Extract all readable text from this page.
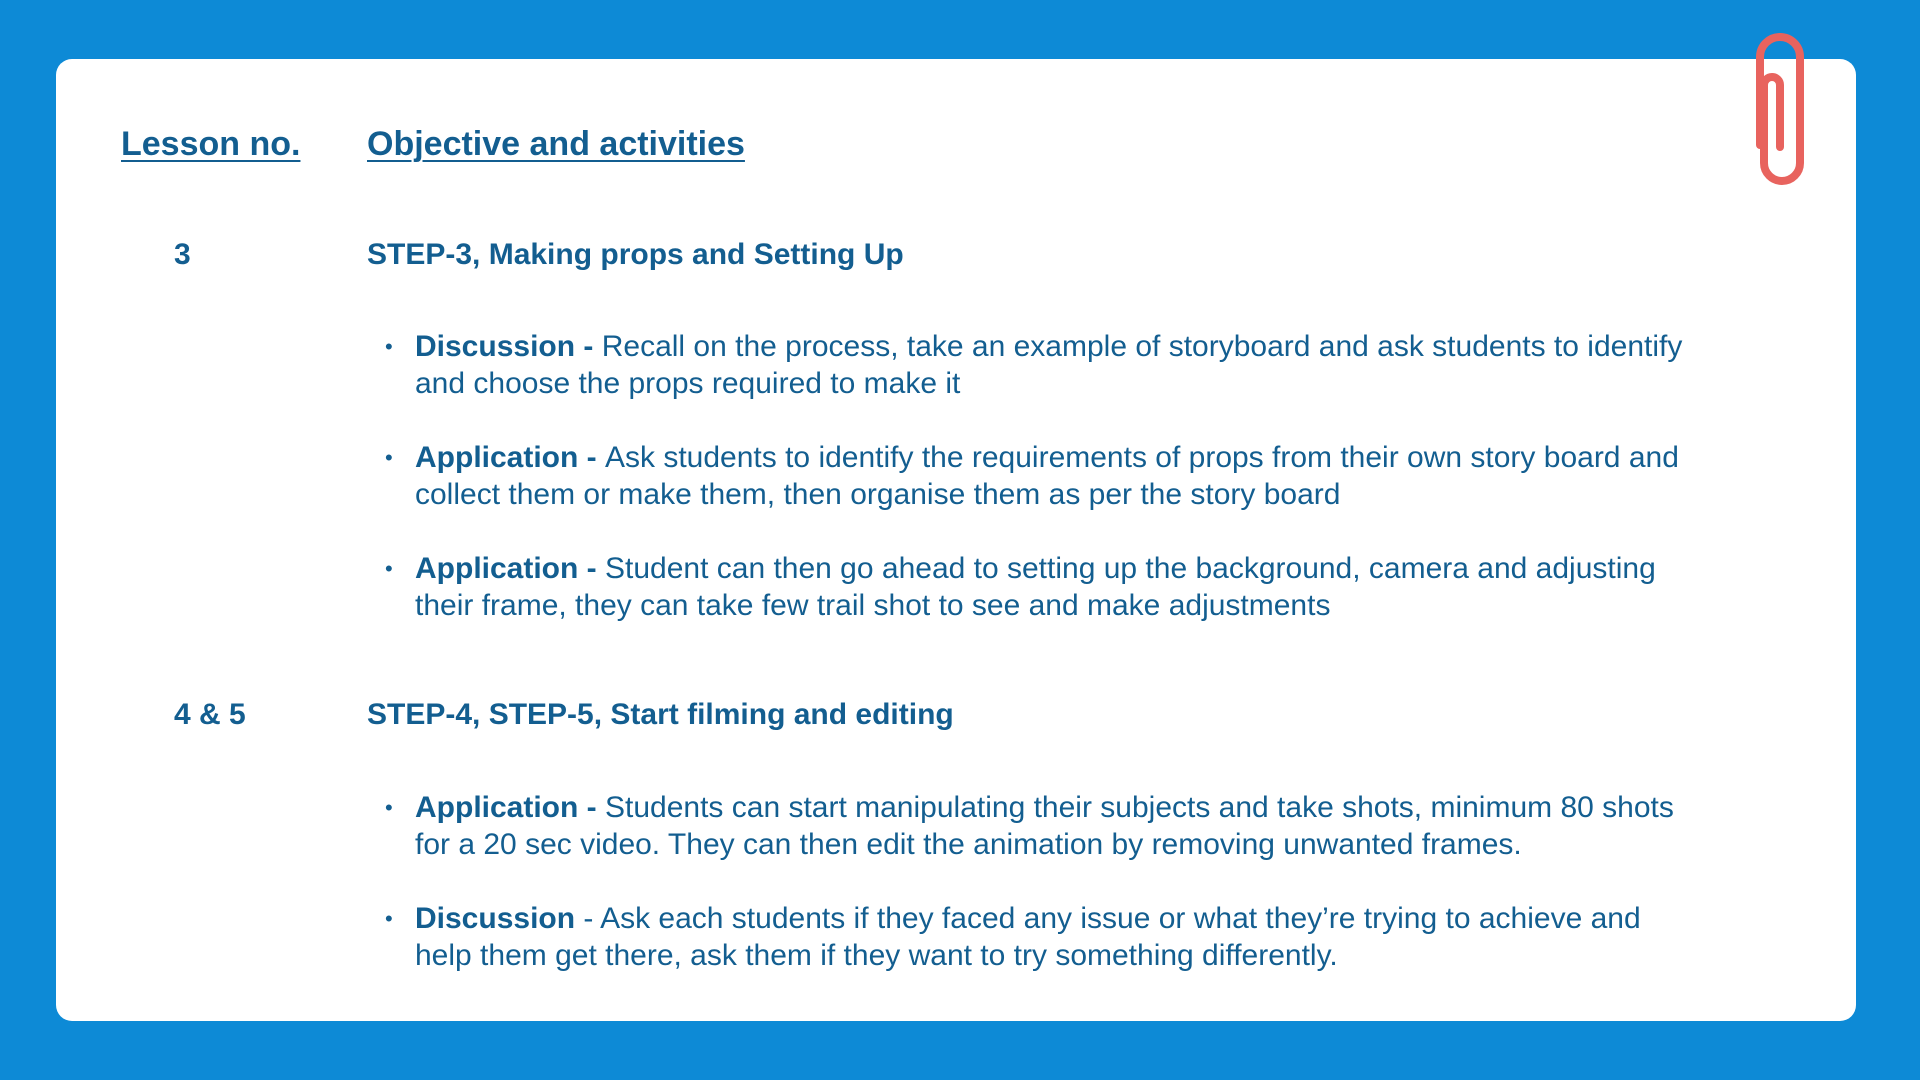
Lesson no. Objective and activities
3	STEP-3, Making props and Setting Up
• Discussion - Recall on the process, take an example of storyboard and ask students to identify and choose the props required to make it
• Application - Ask students to identify the requirements of props from their own story board and collect them or make them, then organise them as per the story board
• Application - Student can then go ahead to setting up the background, camera and adjusting their frame, they can take few trail shot to see and make adjustments
4 & 5	STEP-4, STEP-5, Start filming and editing
• Application - Students can start manipulating their subjects and take shots, minimum 80 shots for a 20 sec video. They can then edit the animation by removing unwanted frames.
• Discussion - Ask each students if they faced any issue or what they’re trying to achieve and help them get there, ask them if they want to try something differently.
